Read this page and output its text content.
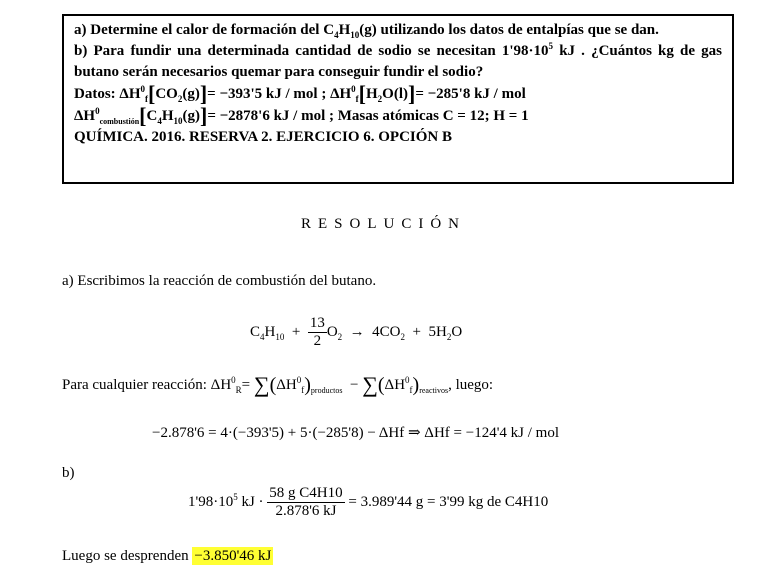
a) Determine el calor de formación del $C_4H_{10}(g)$ utilizando los datos de entalpías que se dan.

b) Para fundir una determinada cantidad de sodio se necesitan $1'98\cdot 10^5$ kJ . ¿Cuántos kg de gas butano serán necesarios quemar para conseguir fundir el sodio?

Datos: $\Delta H^0_f[CO_2(g)]= -393'5$ kJ / mol ; $\Delta H^0_f[H_2O(l)]= -285'8$ kJ / mol

$\Delta H^0_{combustión}[C_4H_{10}(g)]= -2878'6$ kJ / mol ; Masas atómicas C = 12; H = 1

QUÍMICA. 2016. RESERVA 2. EJERCICIO 6. OPCIÓN B

RESOLUCIÓN
a) Escribimos la reacción de combustión del butano.
$C_4H_{10} + \frac{13}{2} O_2 \to 4CO_2 + 5H_2O$
Para cualquier reacción: $\Delta H^0_R= \sum(\Delta H^0_f)_{productos} - \sum(\Delta H^0_f)_{reactivos}$, luego:
−2.878'6 = 4·(−393'5) + 5·(−285'8) − ΔHf ⇒ ΔHf = −124'4 kJ / mol
b)
$1'98\cdot 10^5$ kJ · $\frac{\text{58 g C4H10}}{2.878'6 kJ} = 3.989'44$ g = 3'99 kg de C4H10
Luego se desprenden −3.850'46 kJ
